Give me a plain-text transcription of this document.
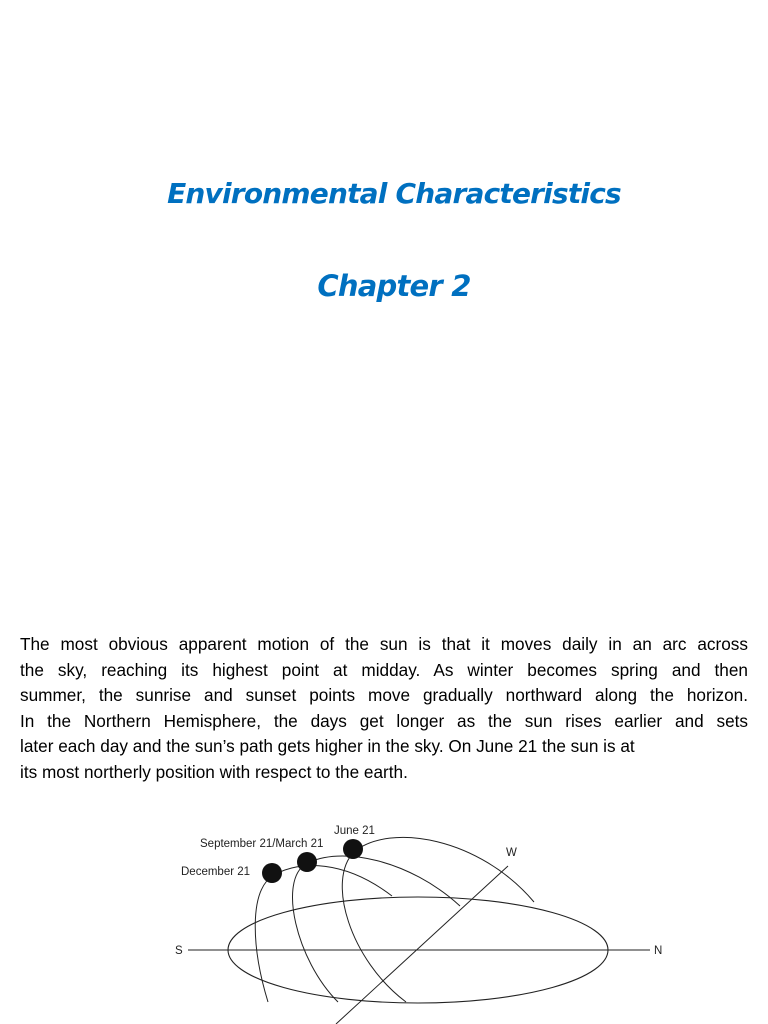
Environmental Characteristics
Chapter 2
The most obvious apparent motion of the sun is that it moves daily in an arc across
the sky, reaching its highest point at midday. As winter becomes spring and then
summer, the sunrise and sunset points move gradually northward along the horizon.
In the Northern Hemisphere, the days get longer as the sun rises earlier and sets
later each day and the sun’s path gets higher in the sky. On June 21 the sun is at
its most northerly position with respect to the earth.
June 21
September 21/March 21
December 21
W
S	N
